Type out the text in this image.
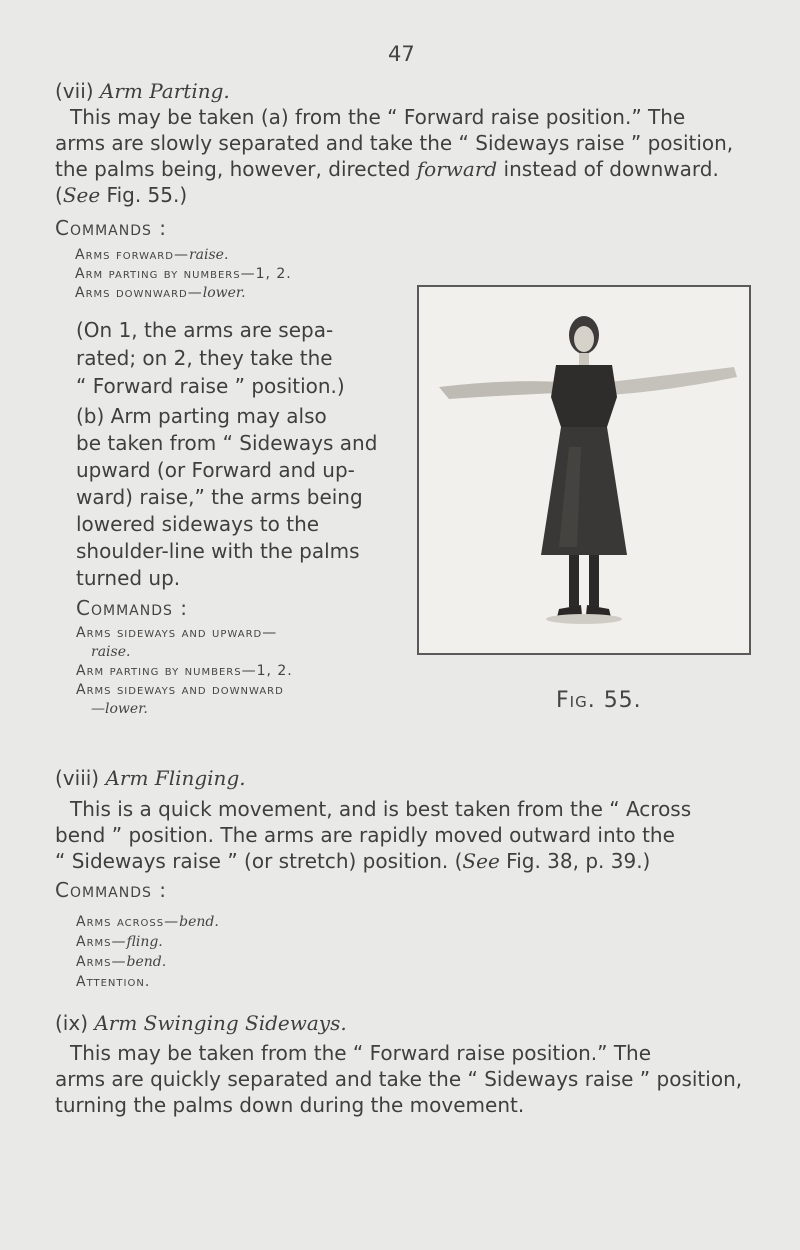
47
(vii) Arm Parting.
This may be taken (a) from the “ Forward raise position.” The
arms are slowly separated and take the “ Sideways raise ” position,
the palms being, however, directed forward instead of downward.
(See Fig. 55.)
Commands :
Arms forward—raise.
Arm parting by numbers—1, 2.
Arms downward—lower.
(On 1, the arms are sepa-
rated; on 2, they take the
“ Forward raise ” position.)
(b) Arm parting may also
be taken from “ Sideways and
upward (or Forward and up-
ward) raise,” the arms being
lowered sideways to the
shoulder-line with the palms
turned up.
Commands :
Arms sideways and upward—
raise.
Arm parting by numbers—1, 2.
Arms sideways and downward
—lower.	Fig. 55.
(viii) Arm Flinging.
This is a quick movement, and is best taken from the “ Across
bend ” position. The arms are rapidly moved outward into the
“ Sideways raise ” (or stretch) position. (See Fig. 38, p. 39.)
Commands :
Arms across—bend.
Arms—fling.
Arms—bend.
Attention.
(ix) Arm Swinging Sideways.
This may be taken from the “ Forward raise position.” The
arms are quickly separated and take the “ Sideways raise ” position,
turning the palms down during the movement.
